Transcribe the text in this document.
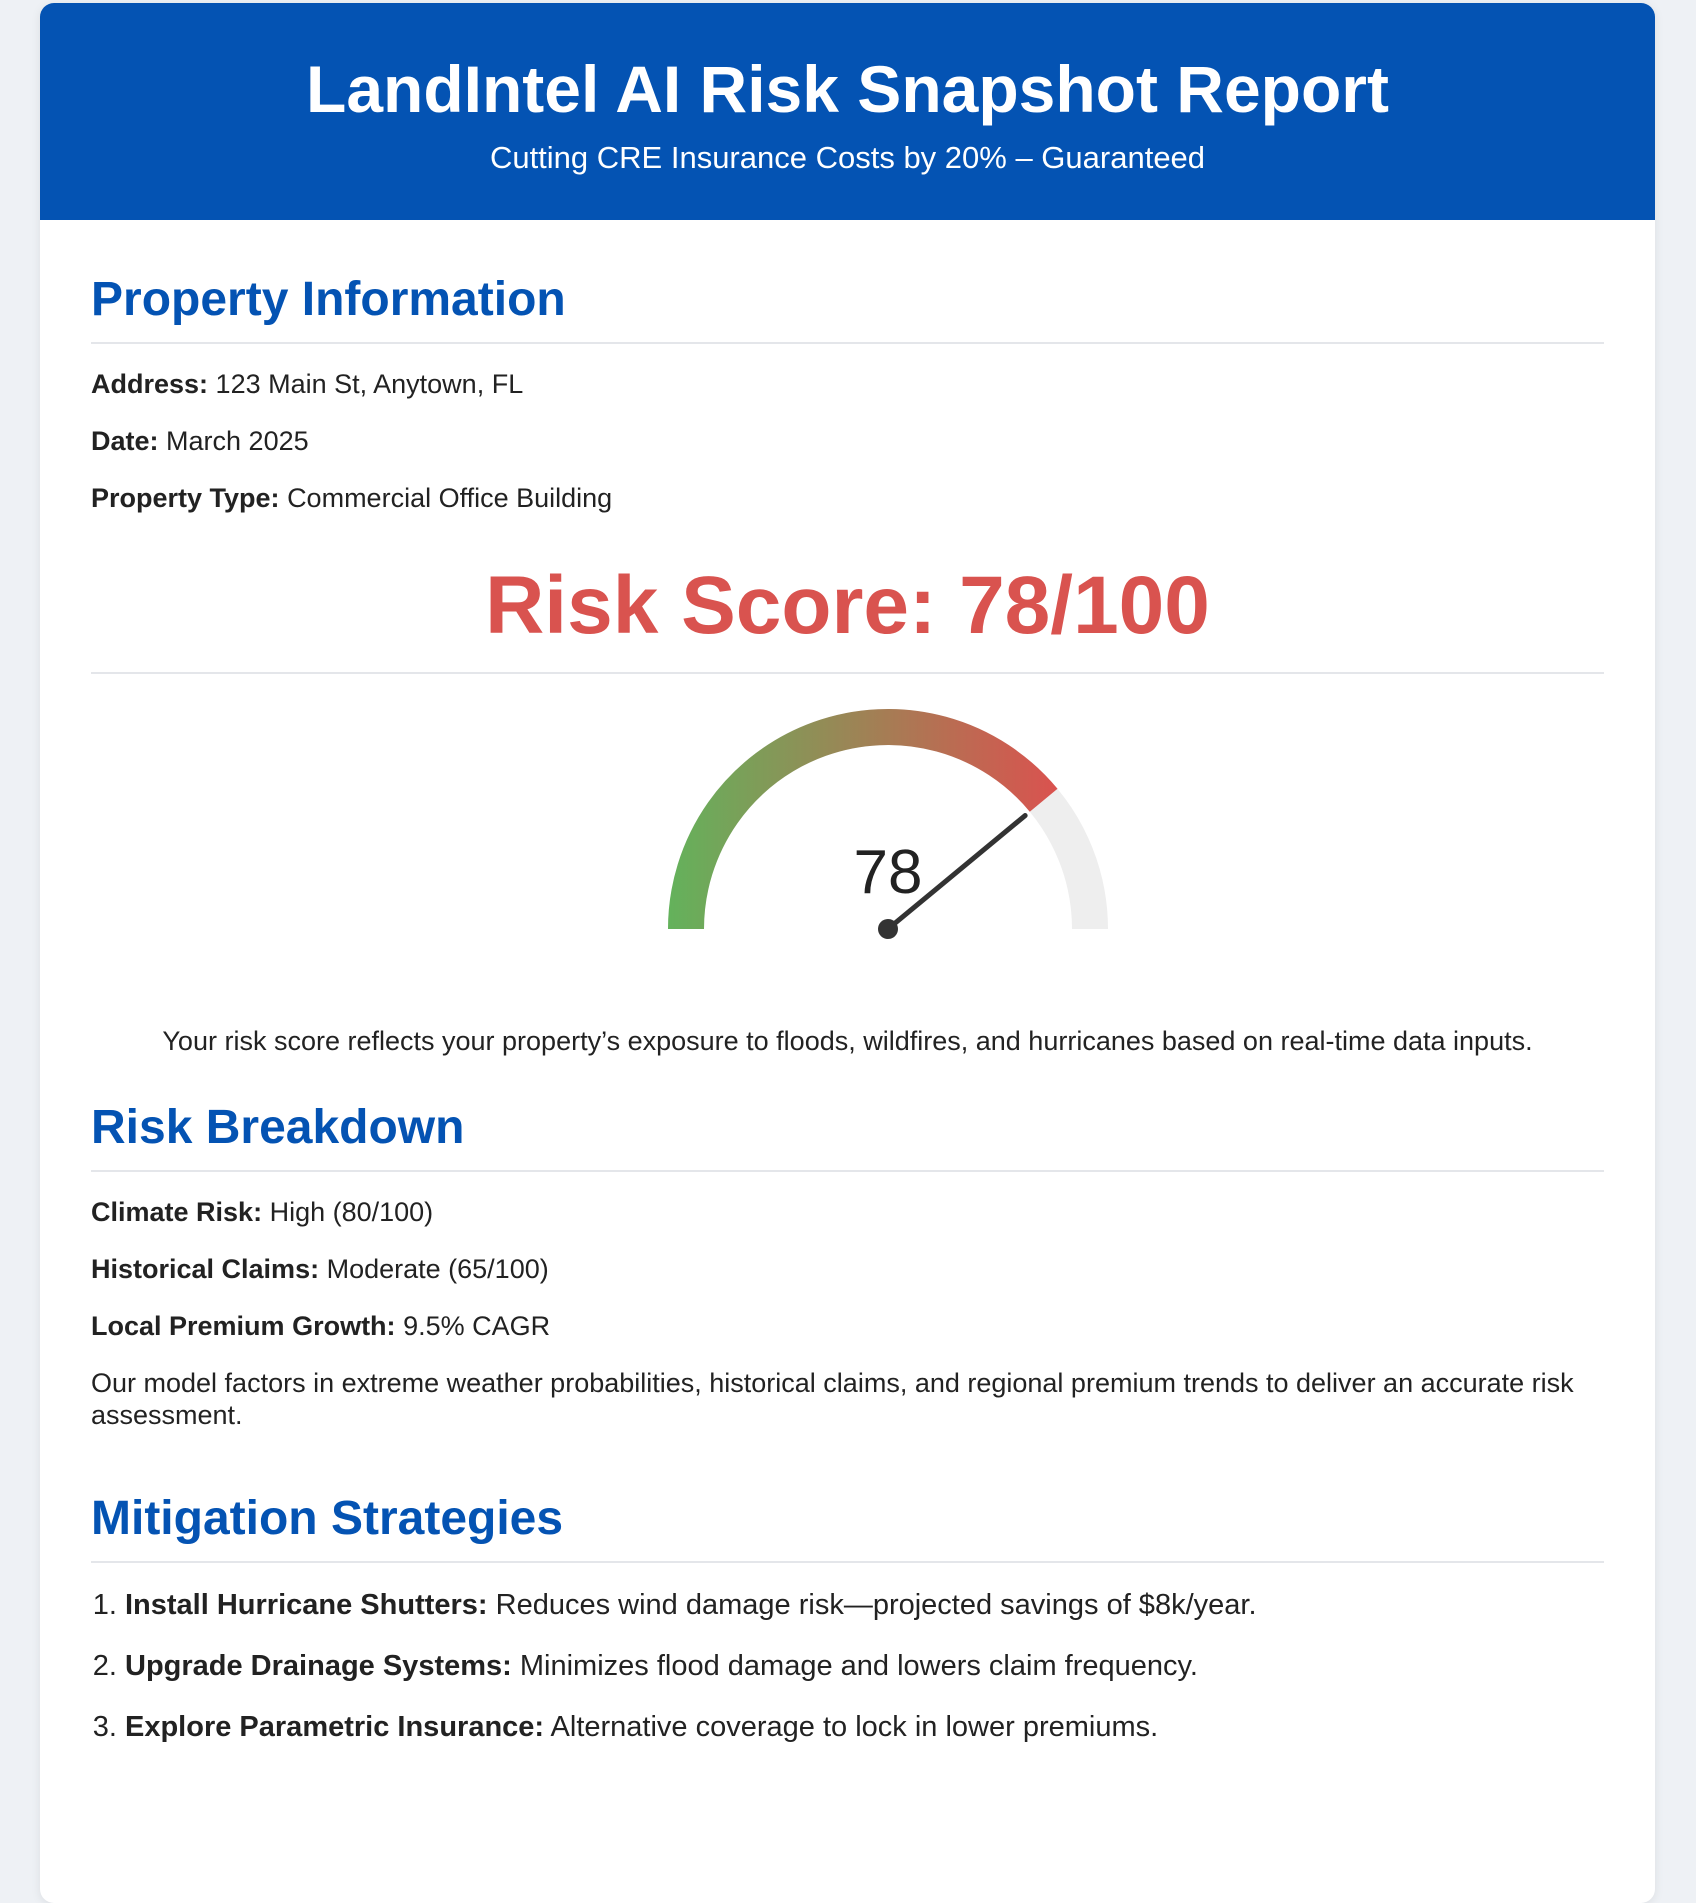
LandIntel AI Risk Snapshot Report

Cutting CRE Insurance Costs by 20% – Guaranteed

Property Information

Address: 123 Main St, Anytown, FL

Date: March 2025

Property Type: Commercial Office Building

Risk Score: 78/100

78

Your risk score reflects your property’s exposure to floods, wildfires, and hurricanes based on real-time data inputs.

Risk Breakdown

Climate Risk: High (80/100)

Historical Claims: Moderate (65/100)

Local Premium Growth: 9.5% CAGR

Our model factors in extreme weather probabilities, historical claims, and regional premium trends to deliver an accurate risk assessment.

Mitigation Strategies
1. Install Hurricane Shutters: Reduces wind damage risk—projected savings of $8k/year.
2. Upgrade Drainage Systems: Minimizes flood damage and lowers claim frequency.
3. Explore Parametric Insurance: Alternative coverage to lock in lower premiums.
